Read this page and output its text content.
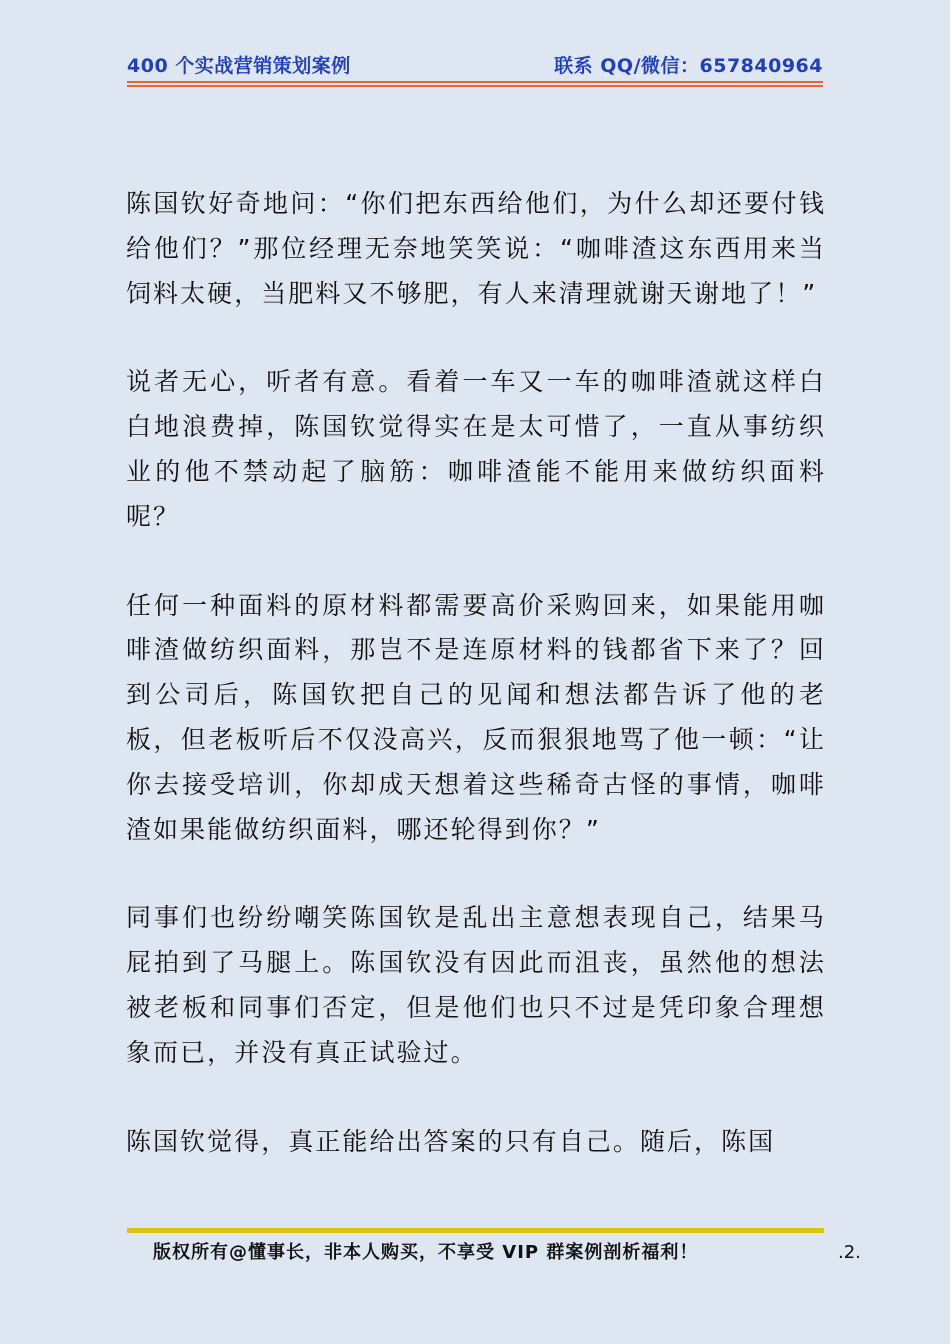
400 个实战营销策划案例	联系 QQ/微信：657840964

陈国钦好奇地问：“你们把东西给他们，为什么却还要付钱给他们？”那位经理无奈地笑笑说：“咖啡渣这东西用来当饲料太硬，当肥料又不够肥，有人来清理就谢天谢地了！”

说者无心，听者有意。看着一车又一车的咖啡渣就这样白白地浪费掉，陈国钦觉得实在是太可惜了，一直从事纺织业的他不禁动起了脑筋：咖啡渣能不能用来做纺织面料呢？

任何一种面料的原材料都需要高价采购回来，如果能用咖啡渣做纺织面料，那岂不是连原材料的钱都省下来了？回到公司后，陈国钦把自己的见闻和想法都告诉了他的老板，但老板听后不仅没高兴，反而狠狠地骂了他一顿：“让你去接受培训，你却成天想着这些稀奇古怪的事情，咖啡渣如果能做纺织面料，哪还轮得到你？”

同事们也纷纷嘲笑陈国钦是乱出主意想表现自己，结果马屁拍到了马腿上。陈国钦没有因此而沮丧，虽然他的想法被老板和同事们否定，但是他们也只不过是凭印象合理想象而已，并没有真正试验过。

陈国钦觉得，真正能给出答案的只有自己。随后，陈国

版权所有@懂事长，非本人购买，不享受 VIP 群案例剖析福利！	.2.
